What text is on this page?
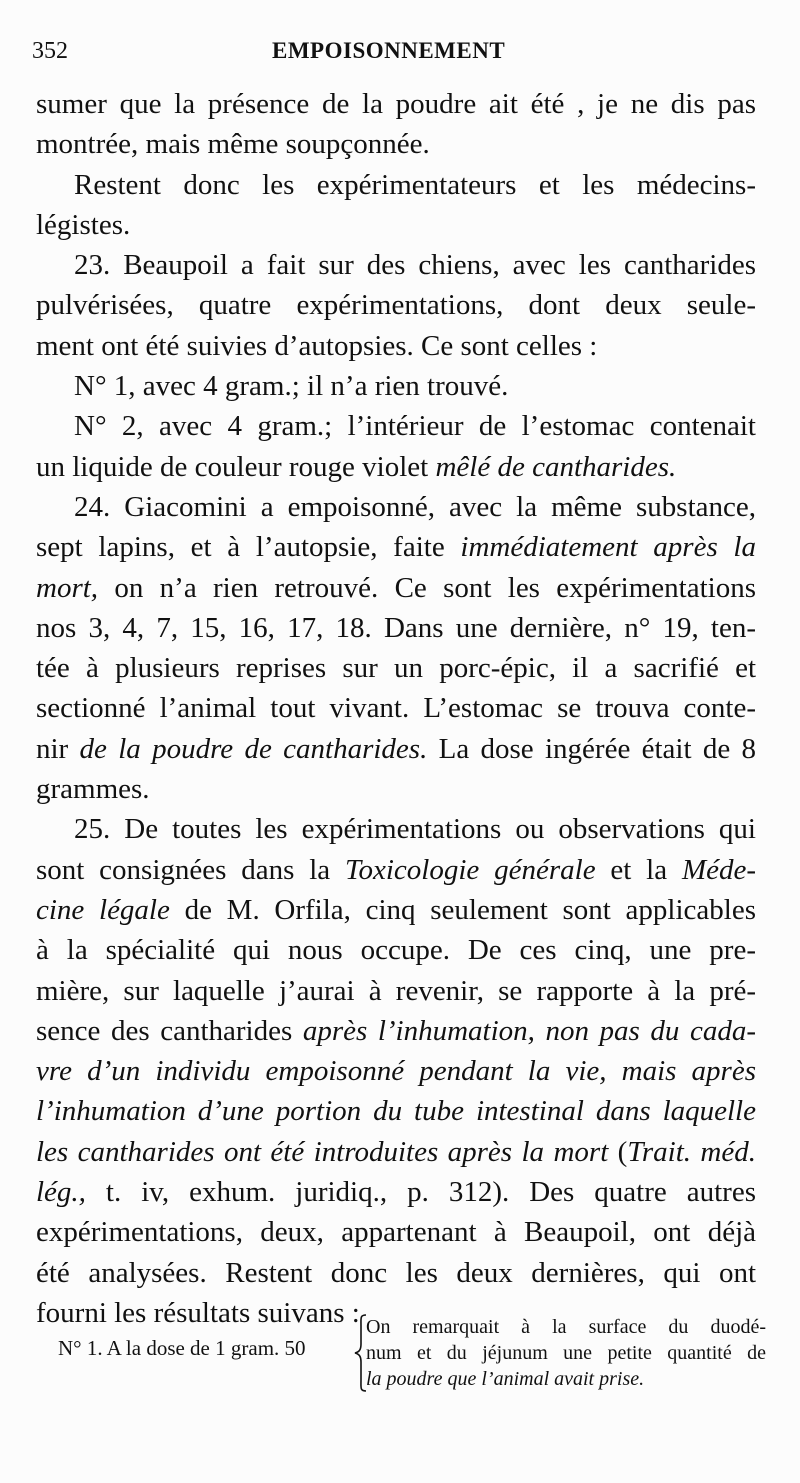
352	EMPOISONNEMENT
sumer que la présence de la poudre ait été , je ne dis pas
montrée, mais même soupçonnée.
Restent donc les expérimentateurs et les médecins-
légistes.
23. Beaupoil a fait sur des chiens, avec les cantharides
pulvérisées, quatre expérimentations, dont deux seule-
ment ont été suivies d’autopsies. Ce sont celles :
N° 1, avec 4 gram.; il n’a rien trouvé.
N° 2, avec 4 gram.; l’intérieur de l’estomac contenait
un liquide de couleur rouge violet mêlé de cantharides.
24. Giacomini a empoisonné, avec la même substance,
sept lapins, et à l’autopsie, faite immédiatement après la
mort, on n’a rien retrouvé. Ce sont les expérimentations
nos 3, 4, 7, 15, 16, 17, 18. Dans une dernière, n° 19, ten-
tée à plusieurs reprises sur un porc-épic, il a sacrifié et
sectionné l’animal tout vivant. L’estomac se trouva conte-
nir de la poudre de cantharides. La dose ingérée était de 8
grammes.
25. De toutes les expérimentations ou observations qui
sont consignées dans la Toxicologie générale et la Méde-
cine légale de M. Orfila, cinq seulement sont applicables
à la spécialité qui nous occupe. De ces cinq, une pre-
mière, sur laquelle j’aurai à revenir, se rapporte à la pré-
sence des cantharides après l’inhumation, non pas du cada-
vre d’un individu empoisonné pendant la vie, mais après
l’inhumation d’une portion du tube intestinal dans laquelle
les cantharides ont été introduites après la mort (Trait. méd.
lég., t. iv, exhum. juridiq., p. 312). Des quatre autres
expérimentations, deux, appartenant à Beaupoil, ont déjà
été analysées. Restent donc les deux dernières, qui ont
fourni les résultats suivans :
N° 1. A la dose de 1 gram. 50
On remarquait à la surface du duodé-
num et du jéjunum une petite quantité de
la poudre que l’animal avait prise.
